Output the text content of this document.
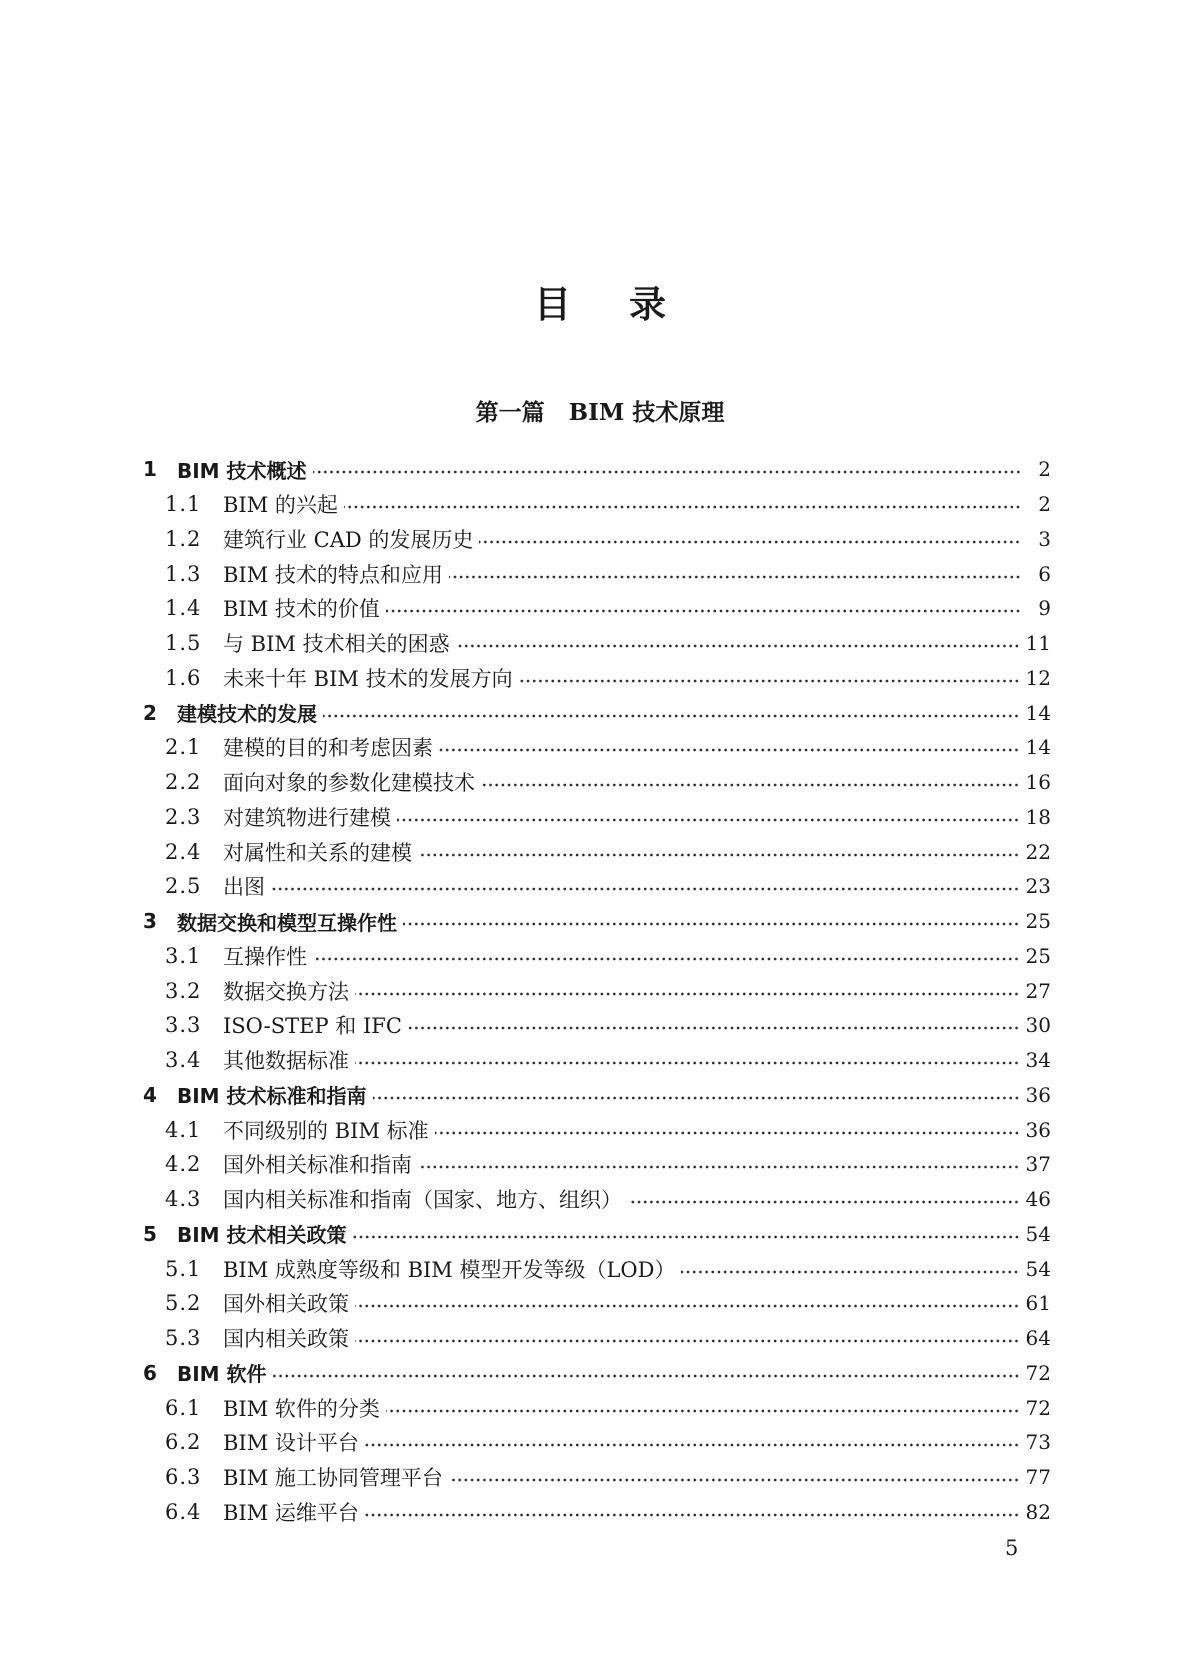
目录
第一篇 BIM 技术原理
1	BIM 技术概述	2
1.1	BIM 的兴起	2
1.2	建筑行业 CAD 的发展历史	3
1.3	BIM 技术的特点和应用	6
1.4	BIM 技术的价值	9
1.5	与 BIM 技术相关的困惑	11
1.6	未来十年 BIM 技术的发展方向	12
2	建模技术的发展	14
2.1	建模的目的和考虑因素	14
2.2	面向对象的参数化建模技术	16
2.3	对建筑物进行建模	18
2.4	对属性和关系的建模	22
2.5	出图	23
3	数据交换和模型互操作性	25
3.1	互操作性	25
3.2	数据交换方法	27
3.3	ISO-STEP 和 IFC	30
3.4	其他数据标准	34
4	BIM 技术标准和指南	36
4.1	不同级别的 BIM 标准	36
4.2	国外相关标准和指南	37
4.3	国内相关标准和指南（国家、地方、组织）	46
5	BIM 技术相关政策	54
5.1	BIM 成熟度等级和 BIM 模型开发等级（LOD）	54
5.2	国外相关政策	61
5.3	国内相关政策	64
6	BIM 软件	72
6.1	BIM 软件的分类	72
6.2	BIM 设计平台	73
6.3	BIM 施工协同管理平台	77
6.4	BIM 运维平台	82
5
